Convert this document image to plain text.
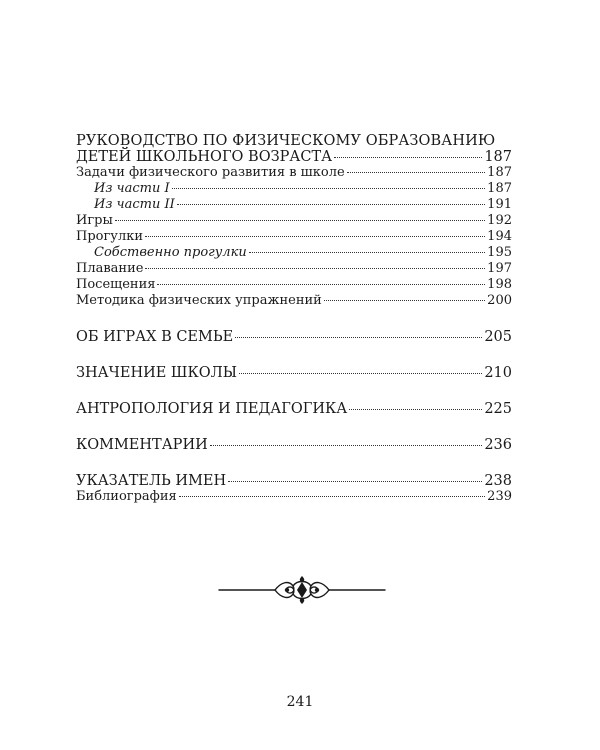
РУКОВОДСТВО ПО ФИЗИЧЕСКОМУ ОБРАЗОВАНИЮ
ДЕТЕЙ ШКОЛЬНОГО ВОЗРАСТА	187
Задачи физического развития в школе	187
Из части I	187
Из части II	191
Игры	192
Прогулки	194
Собственно прогулки	195
Плавание	197
Посещения	198
Методика физических упражнений	200
ОБ ИГРАХ В СЕМЬЕ	205
ЗНАЧЕНИЕ ШКОЛЫ	210
АНТРОПОЛОГИЯ И ПЕДАГОГИКА	225
КОММЕНТАРИИ	236
УКАЗАТЕЛЬ ИМЕН	238
Библиография	239
241
